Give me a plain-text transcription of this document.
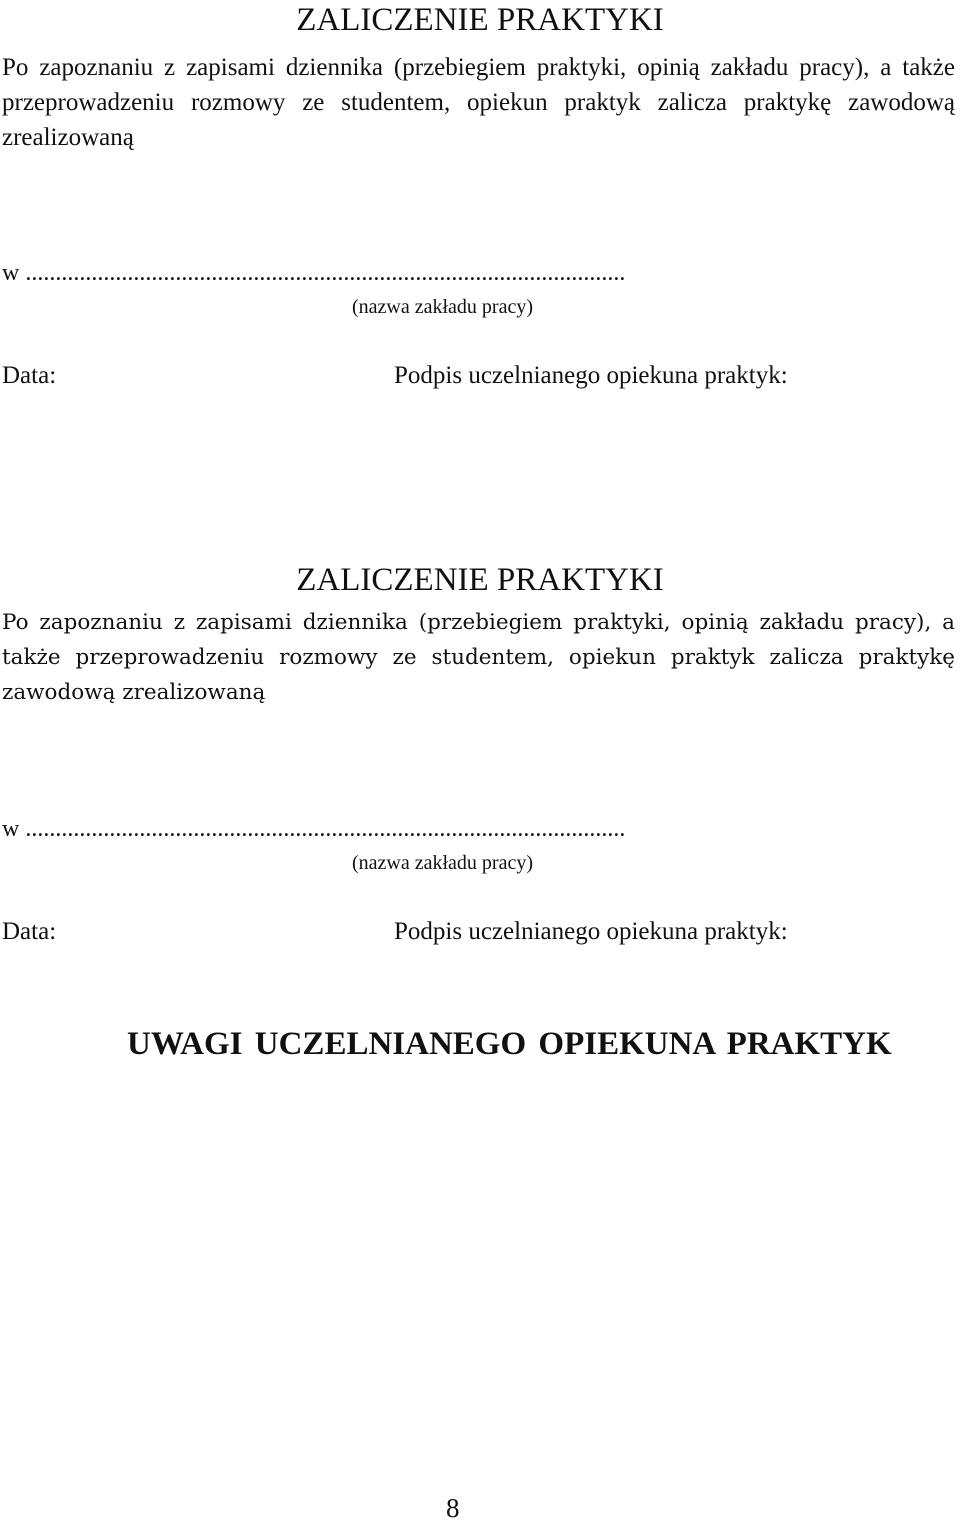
ZALICZENIE PRAKTYKI
Po zapoznaniu z zapisami dziennika (przebiegiem praktyki, opinią zakładu pracy), a także przeprowadzeniu rozmowy ze studentem, opiekun praktyk zalicza praktykę zawodową zrealizowaną
w ....................................................................................................
(nazwa zakładu pracy)
Data:	Podpis uczelnianego opiekuna praktyk:
ZALICZENIE PRAKTYKI
Po zapoznaniu z zapisami dziennika (przebiegiem praktyki, opinią zakładu pracy), a także przeprowadzeniu rozmowy ze studentem, opiekun praktyk zalicza praktykę zawodową zrealizowaną
w ....................................................................................................
(nazwa zakładu pracy)
Data:	Podpis uczelnianego opiekuna praktyk:
UWAGI UCZELNIANEGO OPIEKUNA PRAKTYK
8
